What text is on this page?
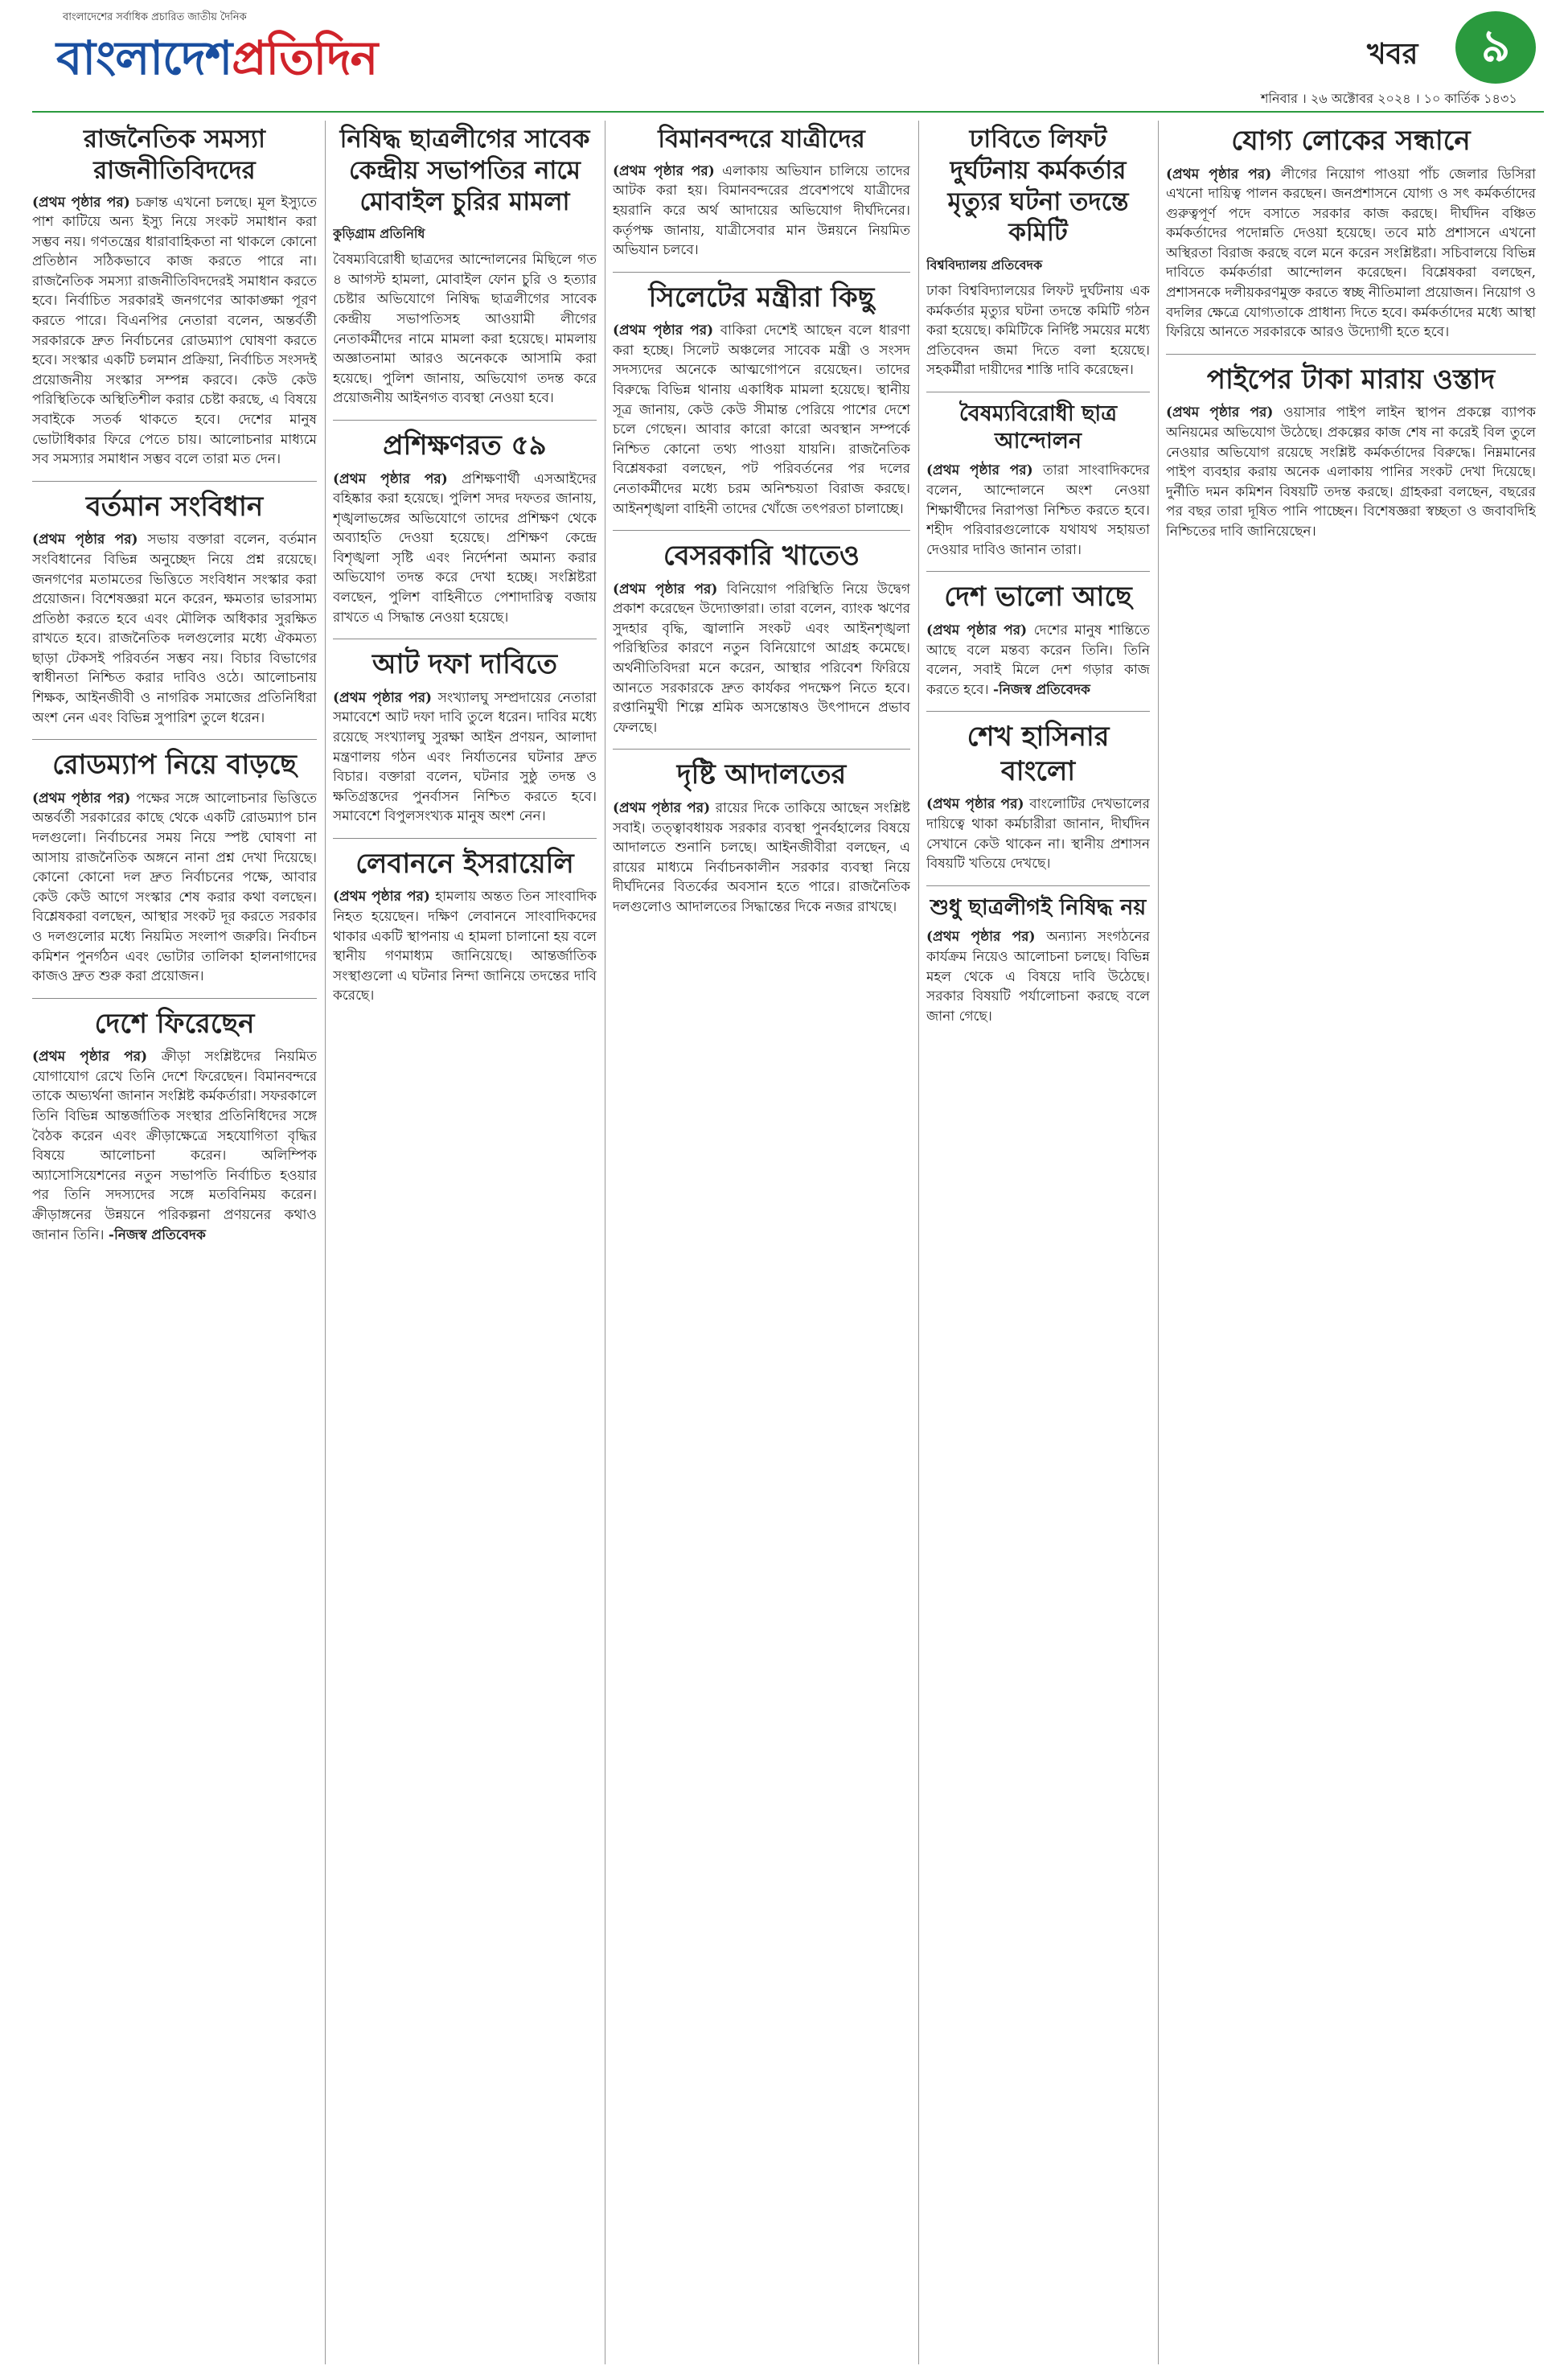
বাংলাদেশের সর্বাধিক প্রচারিত জাতীয় দৈনিক
বাংলাদেশপ্রতিদিন	খবর	৯
শনিবার । ২৬ অক্টোবর ২০২৪ । ১০ কার্তিক ১৪৩১
রাজনৈতিক সমস্যা রাজনীতিবিদদের

(প্রথম পৃষ্ঠার পর) চক্রান্ত এখনো চলছে। মূল ইস্যুতে পাশ কাটিয়ে অন্য ইস্যু নিয়ে সংকট সমাধান করা সম্ভব নয়। গণতন্ত্রের ধারাবাহিকতা না থাকলে কোনো প্রতিষ্ঠান সঠিকভাবে কাজ করতে পারে না। রাজনৈতিক সমস্যা রাজনীতিবিদদেরই সমাধান করতে হবে। নির্বাচিত সরকারই জনগণের আকাঙ্ক্ষা পূরণ করতে পারে। বিএনপির নেতারা বলেন, অন্তর্বর্তী সরকারকে দ্রুত নির্বাচনের রোডম্যাপ ঘোষণা করতে হবে। সংস্কার একটি চলমান প্রক্রিয়া, নির্বাচিত সংসদই প্রয়োজনীয় সংস্কার সম্পন্ন করবে। কেউ কেউ পরিস্থিতিকে অস্থিতিশীল করার চেষ্টা করছে, এ বিষয়ে সবাইকে সতর্ক থাকতে হবে। দেশের মানুষ ভোটাধিকার ফিরে পেতে চায়। আলোচনার মাধ্যমে সব সমস্যার সমাধান সম্ভব বলে তারা মত দেন।

বর্তমান সংবিধান

(প্রথম পৃষ্ঠার পর) সভায় বক্তারা বলেন, বর্তমান সংবিধানের বিভিন্ন অনুচ্ছেদ নিয়ে প্রশ্ন রয়েছে। জনগণের মতামতের ভিত্তিতে সংবিধান সংস্কার করা প্রয়োজন। বিশেষজ্ঞরা মনে করেন, ক্ষমতার ভারসাম্য প্রতিষ্ঠা করতে হবে এবং মৌলিক অধিকার সুরক্ষিত রাখতে হবে। রাজনৈতিক দলগুলোর মধ্যে ঐকমত্য ছাড়া টেকসই পরিবর্তন সম্ভব নয়। বিচার বিভাগের স্বাধীনতা নিশ্চিত করার দাবিও ওঠে। আলোচনায় শিক্ষক, আইনজীবী ও নাগরিক সমাজের প্রতিনিধিরা অংশ নেন এবং বিভিন্ন সুপারিশ তুলে ধরেন।

রোডম্যাপ নিয়ে বাড়ছে

(প্রথম পৃষ্ঠার পর) পক্ষের সঙ্গে আলোচনার ভিত্তিতে অন্তর্বর্তী সরকারের কাছে থেকে একটি রোডম্যাপ চান দলগুলো। নির্বাচনের সময় নিয়ে স্পষ্ট ঘোষণা না আসায় রাজনৈতিক অঙ্গনে নানা প্রশ্ন দেখা দিয়েছে। কোনো কোনো দল দ্রুত নির্বাচনের পক্ষে, আবার কেউ কেউ আগে সংস্কার শেষ করার কথা বলছেন। বিশ্লেষকরা বলছেন, আস্থার সংকট দূর করতে সরকার ও দলগুলোর মধ্যে নিয়মিত সংলাপ জরুরি। নির্বাচন কমিশন পুনর্গঠন এবং ভোটার তালিকা হালনাগাদের কাজও দ্রুত শুরু করা প্রয়োজন।

দেশে ফিরেছেন

(প্রথম পৃষ্ঠার পর) ক্রীড়া সংশ্লিষ্টদের নিয়মিত যোগাযোগ রেখে তিনি দেশে ফিরেছেন। বিমানবন্দরে তাকে অভ্যর্থনা জানান সংশ্লিষ্ট কর্মকর্তারা। সফরকালে তিনি বিভিন্ন আন্তর্জাতিক সংস্থার প্রতিনিধিদের সঙ্গে বৈঠক করেন এবং ক্রীড়াক্ষেত্রে সহযোগিতা বৃদ্ধির বিষয়ে আলোচনা করেন। অলিম্পিক অ্যাসোসিয়েশনের নতুন সভাপতি নির্বাচিত হওয়ার পর তিনি সদস্যদের সঙ্গে মতবিনিময় করেন। ক্রীড়াঙ্গনের উন্নয়নে পরিকল্পনা প্রণয়নের কথাও জানান তিনি। -নিজস্ব প্রতিবেদক

নিষিদ্ধ ছাত্রলীগের সাবেক কেন্দ্রীয় সভাপতির নামে মোবাইল চুরির মামলা
কুড়িগ্রাম প্রতিনিধি

বৈষম্যবিরোধী ছাত্রদের আন্দোলনের মিছিলে গত ৪ আগস্ট হামলা, মোবাইল ফোন চুরি ও হত্যার চেষ্টার অভিযোগে নিষিদ্ধ ছাত্রলীগের সাবেক কেন্দ্রীয় সভাপতিসহ আওয়ামী লীগের নেতাকর্মীদের নামে মামলা করা হয়েছে। মামলায় অজ্ঞাতনামা আরও অনেককে আসামি করা হয়েছে। পুলিশ জানায়, অভিযোগ তদন্ত করে প্রয়োজনীয় আইনগত ব্যবস্থা নেওয়া হবে।

প্রশিক্ষণরত ৫৯

(প্রথম পৃষ্ঠার পর) প্রশিক্ষণার্থী এসআইদের বহিষ্কার করা হয়েছে। পুলিশ সদর দফতর জানায়, শৃঙ্খলাভঙ্গের অভিযোগে তাদের প্রশিক্ষণ থেকে অব্যাহতি দেওয়া হয়েছে। প্রশিক্ষণ কেন্দ্রে বিশৃঙ্খলা সৃষ্টি এবং নির্দেশনা অমান্য করার অভিযোগ তদন্ত করে দেখা হচ্ছে। সংশ্লিষ্টরা বলছেন, পুলিশ বাহিনীতে পেশাদারিত্ব বজায় রাখতে এ সিদ্ধান্ত নেওয়া হয়েছে।

আট দফা দাবিতে

(প্রথম পৃষ্ঠার পর) সংখ্যালঘু সম্প্রদায়ের নেতারা সমাবেশে আট দফা দাবি তুলে ধরেন। দাবির মধ্যে রয়েছে সংখ্যালঘু সুরক্ষা আইন প্রণয়ন, আলাদা মন্ত্রণালয় গঠন এবং নির্যাতনের ঘটনার দ্রুত বিচার। বক্তারা বলেন, ঘটনার সুষ্ঠু তদন্ত ও ক্ষতিগ্রস্তদের পুনর্বাসন নিশ্চিত করতে হবে। সমাবেশে বিপুলসংখ্যক মানুষ অংশ নেন।

লেবাননে ইসরায়েলি

(প্রথম পৃষ্ঠার পর) হামলায় অন্তত তিন সাংবাদিক নিহত হয়েছেন। দক্ষিণ লেবাননে সাংবাদিকদের থাকার একটি স্থাপনায় এ হামলা চালানো হয় বলে স্থানীয় গণমাধ্যম জানিয়েছে। আন্তর্জাতিক সংস্থাগুলো এ ঘটনার নিন্দা জানিয়ে তদন্তের দাবি করেছে।

বিমানবন্দরে যাত্রীদের

(প্রথম পৃষ্ঠার পর) এলাকায় অভিযান চালিয়ে তাদের আটক করা হয়। বিমানবন্দরের প্রবেশপথে যাত্রীদের হয়রানি করে অর্থ আদায়ের অভিযোগ দীর্ঘদিনের। কর্তৃপক্ষ জানায়, যাত্রীসেবার মান উন্নয়নে নিয়মিত অভিযান চলবে।

সিলেটের মন্ত্রীরা কিছু

(প্রথম পৃষ্ঠার পর) বাকিরা দেশেই আছেন বলে ধারণা করা হচ্ছে। সিলেট অঞ্চলের সাবেক মন্ত্রী ও সংসদ সদস্যদের অনেকে আত্মগোপনে রয়েছেন। তাদের বিরুদ্ধে বিভিন্ন থানায় একাধিক মামলা হয়েছে। স্থানীয় সূত্র জানায়, কেউ কেউ সীমান্ত পেরিয়ে পাশের দেশে চলে গেছেন। আবার কারো কারো অবস্থান সম্পর্কে নিশ্চিত কোনো তথ্য পাওয়া যায়নি। রাজনৈতিক বিশ্লেষকরা বলছেন, পট পরিবর্তনের পর দলের নেতাকর্মীদের মধ্যে চরম অনিশ্চয়তা বিরাজ করছে। আইনশৃঙ্খলা বাহিনী তাদের খোঁজে তৎপরতা চালাচ্ছে।

বেসরকারি খাতেও

(প্রথম পৃষ্ঠার পর) বিনিয়োগ পরিস্থিতি নিয়ে উদ্বেগ প্রকাশ করেছেন উদ্যোক্তারা। তারা বলেন, ব্যাংক ঋণের সুদহার বৃদ্ধি, জ্বালানি সংকট এবং আইনশৃঙ্খলা পরিস্থিতির কারণে নতুন বিনিয়োগে আগ্রহ কমেছে। অর্থনীতিবিদরা মনে করেন, আস্থার পরিবেশ ফিরিয়ে আনতে সরকারকে দ্রুত কার্যকর পদক্ষেপ নিতে হবে। রপ্তানিমুখী শিল্পে শ্রমিক অসন্তোষও উৎপাদনে প্রভাব ফেলছে।

দৃষ্টি আদালতের

(প্রথম পৃষ্ঠার পর) রায়ের দিকে তাকিয়ে আছেন সংশ্লিষ্ট সবাই। তত্ত্বাবধায়ক সরকার ব্যবস্থা পুনর্বহালের বিষয়ে আদালতে শুনানি চলছে। আইনজীবীরা বলছেন, এ রায়ের মাধ্যমে নির্বাচনকালীন সরকার ব্যবস্থা নিয়ে দীর্ঘদিনের বিতর্কের অবসান হতে পারে। রাজনৈতিক দলগুলোও আদালতের সিদ্ধান্তের দিকে নজর রাখছে।

ঢাবিতে লিফট দুর্ঘটনায় কর্মকর্তার মৃত্যুর ঘটনা তদন্তে কমিটি
বিশ্ববিদ্যালয় প্রতিবেদক

ঢাকা বিশ্ববিদ্যালয়ের লিফট দুর্ঘটনায় এক কর্মকর্তার মৃত্যুর ঘটনা তদন্তে কমিটি গঠন করা হয়েছে। কমিটিকে নির্দিষ্ট সময়ের মধ্যে প্রতিবেদন জমা দিতে বলা হয়েছে। সহকর্মীরা দায়ীদের শাস্তি দাবি করেছেন।

বৈষম্যবিরোধী ছাত্র আন্দোলন

(প্রথম পৃষ্ঠার পর) তারা সাংবাদিকদের বলেন, আন্দোলনে অংশ নেওয়া শিক্ষার্থীদের নিরাপত্তা নিশ্চিত করতে হবে। শহীদ পরিবারগুলোকে যথাযথ সহায়তা দেওয়ার দাবিও জানান তারা।

দেশ ভালো আছে

(প্রথম পৃষ্ঠার পর) দেশের মানুষ শান্তিতে আছে বলে মন্তব্য করেন তিনি। তিনি বলেন, সবাই মিলে দেশ গড়ার কাজ করতে হবে। -নিজস্ব প্রতিবেদক

শেখ হাসিনার বাংলো

(প্রথম পৃষ্ঠার পর) বাংলোটির দেখভালের দায়িত্বে থাকা কর্মচারীরা জানান, দীর্ঘদিন সেখানে কেউ থাকেন না। স্থানীয় প্রশাসন বিষয়টি খতিয়ে দেখছে।

শুধু ছাত্রলীগই নিষিদ্ধ নয়

(প্রথম পৃষ্ঠার পর) অন্যান্য সংগঠনের কার্যক্রম নিয়েও আলোচনা চলছে। বিভিন্ন মহল থেকে এ বিষয়ে দাবি উঠেছে। সরকার বিষয়টি পর্যালোচনা করছে বলে জানা গেছে।

যোগ্য লোকের সন্ধানে

(প্রথম পৃষ্ঠার পর) লীগের নিয়োগ পাওয়া পাঁচ জেলার ডিসিরা এখনো দায়িত্ব পালন করছেন। জনপ্রশাসনে যোগ্য ও সৎ কর্মকর্তাদের গুরুত্বপূর্ণ পদে বসাতে সরকার কাজ করছে। দীর্ঘদিন বঞ্চিত কর্মকর্তাদের পদোন্নতি দেওয়া হয়েছে। তবে মাঠ প্রশাসনে এখনো অস্থিরতা বিরাজ করছে বলে মনে করেন সংশ্লিষ্টরা। সচিবালয়ে বিভিন্ন দাবিতে কর্মকর্তারা আন্দোলন করেছেন। বিশ্লেষকরা বলছেন, প্রশাসনকে দলীয়করণমুক্ত করতে স্বচ্ছ নীতিমালা প্রয়োজন। নিয়োগ ও বদলির ক্ষেত্রে যোগ্যতাকে প্রাধান্য দিতে হবে। কর্মকর্তাদের মধ্যে আস্থা ফিরিয়ে আনতে সরকারকে আরও উদ্যোগী হতে হবে।

পাইপের টাকা মারায় ওস্তাদ

(প্রথম পৃষ্ঠার পর) ওয়াসার পাইপ লাইন স্থাপন প্রকল্পে ব্যাপক অনিয়মের অভিযোগ উঠেছে। প্রকল্পের কাজ শেষ না করেই বিল তুলে নেওয়ার অভিযোগ রয়েছে সংশ্লিষ্ট কর্মকর্তাদের বিরুদ্ধে। নিম্নমানের পাইপ ব্যবহার করায় অনেক এলাকায় পানির সংকট দেখা দিয়েছে। দুর্নীতি দমন কমিশন বিষয়টি তদন্ত করছে। গ্রাহকরা বলছেন, বছরের পর বছর তারা দূষিত পানি পাচ্ছেন। বিশেষজ্ঞরা স্বচ্ছতা ও জবাবদিহি নিশ্চিতের দাবি জানিয়েছেন।
